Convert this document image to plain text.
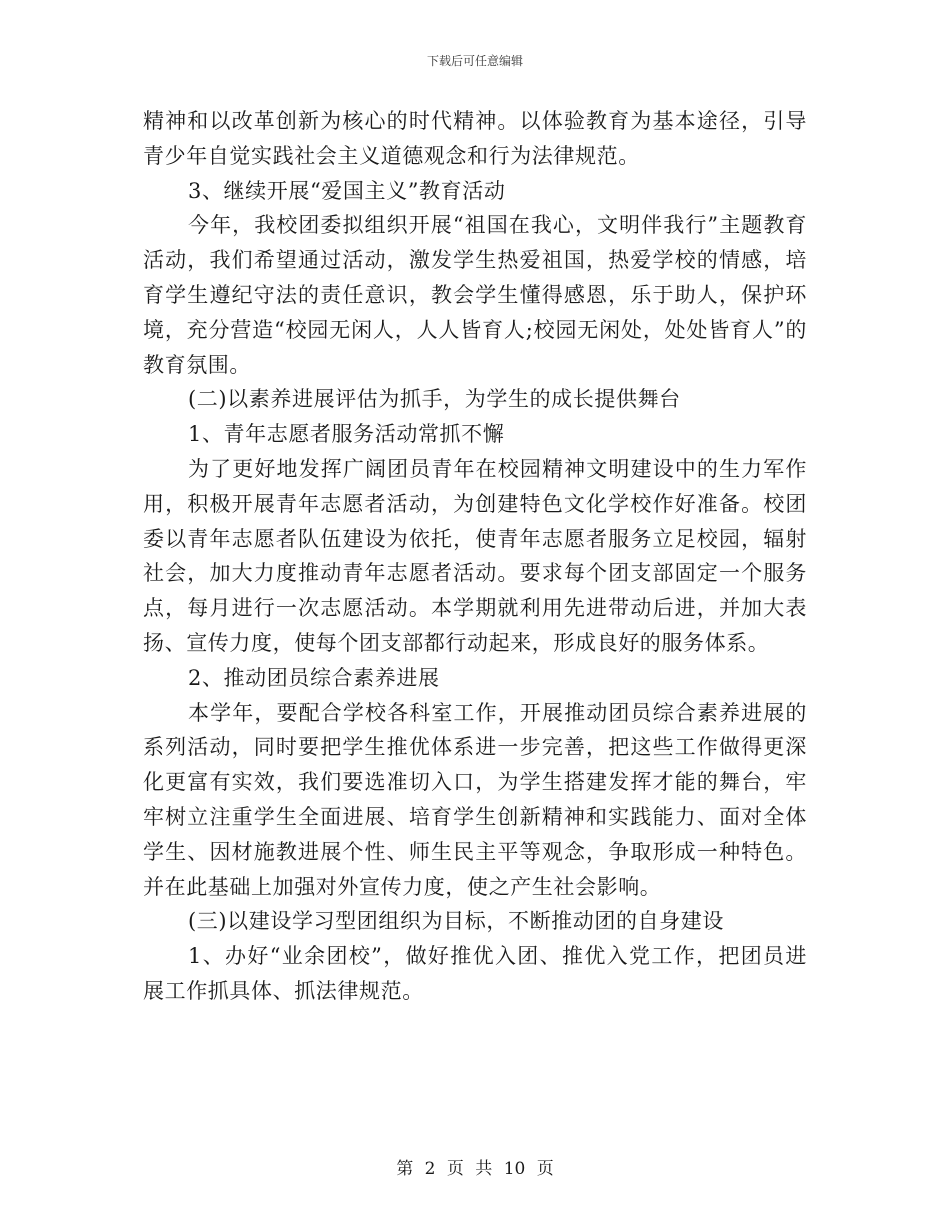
下载后可任意编辑

精神和以改革创新为核心的时代精神。以体验教育为基本途径，引导青少年自觉实践社会主义道德观念和行为法律规范。

3、继续开展“爱国主义”教育活动

今年，我校团委拟组织开展“祖国在我心，文明伴我行”主题教育活动，我们希望通过活动，激发学生热爱祖国，热爱学校的情感，培育学生遵纪守法的责任意识，教会学生懂得感恩，乐于助人，保护环境，充分营造“校园无闲人，人人皆育人;校园无闲处，处处皆育人”的教育氛围。

(二)以素养进展评估为抓手，为学生的成长提供舞台

1、青年志愿者服务活动常抓不懈

为了更好地发挥广阔团员青年在校园精神文明建设中的生力军作用，积极开展青年志愿者活动，为创建特色文化学校作好准备。校团委以青年志愿者队伍建设为依托，使青年志愿者服务立足校园，辐射社会，加大力度推动青年志愿者活动。要求每个团支部固定一个服务点，每月进行一次志愿活动。本学期就利用先进带动后进，并加大表扬、宣传力度，使每个团支部都行动起来，形成良好的服务体系。

2、推动团员综合素养进展

本学年，要配合学校各科室工作，开展推动团员综合素养进展的系列活动，同时要把学生推优体系进一步完善，把这些工作做得更深化更富有实效，我们要选准切入口，为学生搭建发挥才能的舞台，牢牢树立注重学生全面进展、培育学生创新精神和实践能力、面对全体学生、因材施教进展个性、师生民主平等观念，争取形成一种特色。并在此基础上加强对外宣传力度，使之产生社会影响。

(三)以建设学习型团组织为目标，不断推动团的自身建设

1、办好“业余团校”，做好推优入团、推优入党工作，把团员进展工作抓具体、抓法律规范。

第 2 页 共 10 页
